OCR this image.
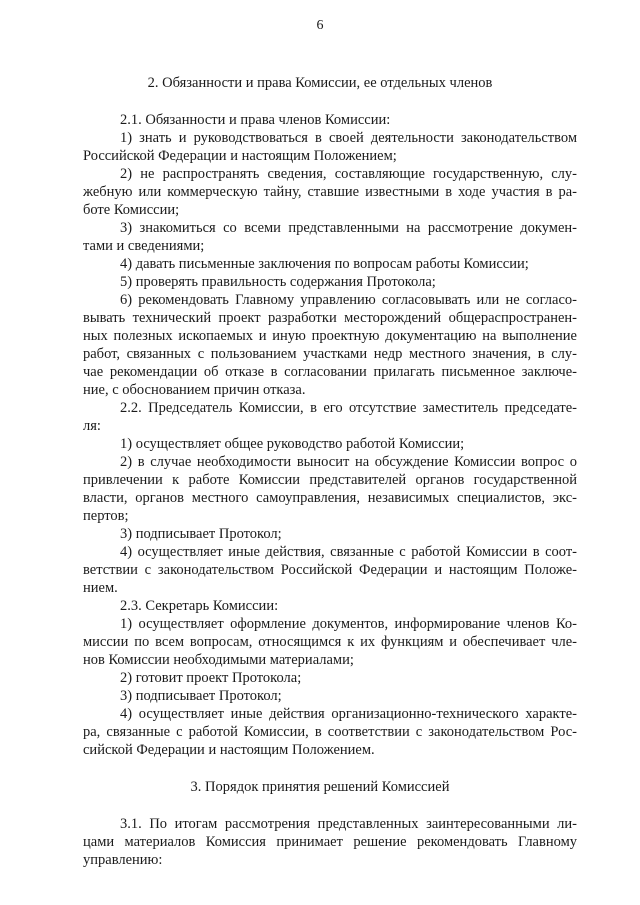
6
2. Обязанности и права Комиссии, ее отдельных членов
2.1. Обязанности и права членов Комиссии:
1) знать и руководствоваться в своей деятельности законодательством
Российской Федерации и настоящим Положением;
2) не распространять сведения, составляющие государственную, слу-
жебную или коммерческую тайну, ставшие известными в ходе участия в ра-
боте Комиссии;
3) знакомиться со всеми представленными на рассмотрение докумен-
тами и сведениями;
4) давать письменные заключения по вопросам работы Комиссии;
5) проверять правильность содержания Протокола;
6) рекомендовать Главному управлению согласовывать или не согласо-
вывать технический проект разработки месторождений общераспространен-
ных полезных ископаемых и иную проектную документацию на выполнение
работ, связанных с пользованием участками недр местного значения, в слу-
чае рекомендации об отказе в согласовании прилагать письменное заключе-
ние, с обоснованием причин отказа.
2.2. Председатель Комиссии, в его отсутствие заместитель председате-
ля:
1) осуществляет общее руководство работой Комиссии;
2) в случае необходимости выносит на обсуждение Комиссии вопрос о
привлечении к работе Комиссии представителей органов государственной
власти, органов местного самоуправления, независимых специалистов, экс-
пертов;
3) подписывает Протокол;
4) осуществляет иные действия, связанные с работой Комиссии в соот-
ветствии с законодательством Российской Федерации и настоящим Положе-
нием.
2.3. Секретарь Комиссии:
1) осуществляет оформление документов, информирование членов Ко-
миссии по всем вопросам, относящимся к их функциям и обеспечивает чле-
нов Комиссии необходимыми материалами;
2) готовит проект Протокола;
3) подписывает Протокол;
4) осуществляет иные действия организационно-технического характе-
ра, связанные с работой Комиссии, в соответствии с законодательством Рос-
сийской Федерации и настоящим Положением.
3. Порядок принятия решений Комиссией
3.1. По итогам рассмотрения представленных заинтересованными ли-
цами материалов Комиссия принимает решение рекомендовать Главному
управлению:
